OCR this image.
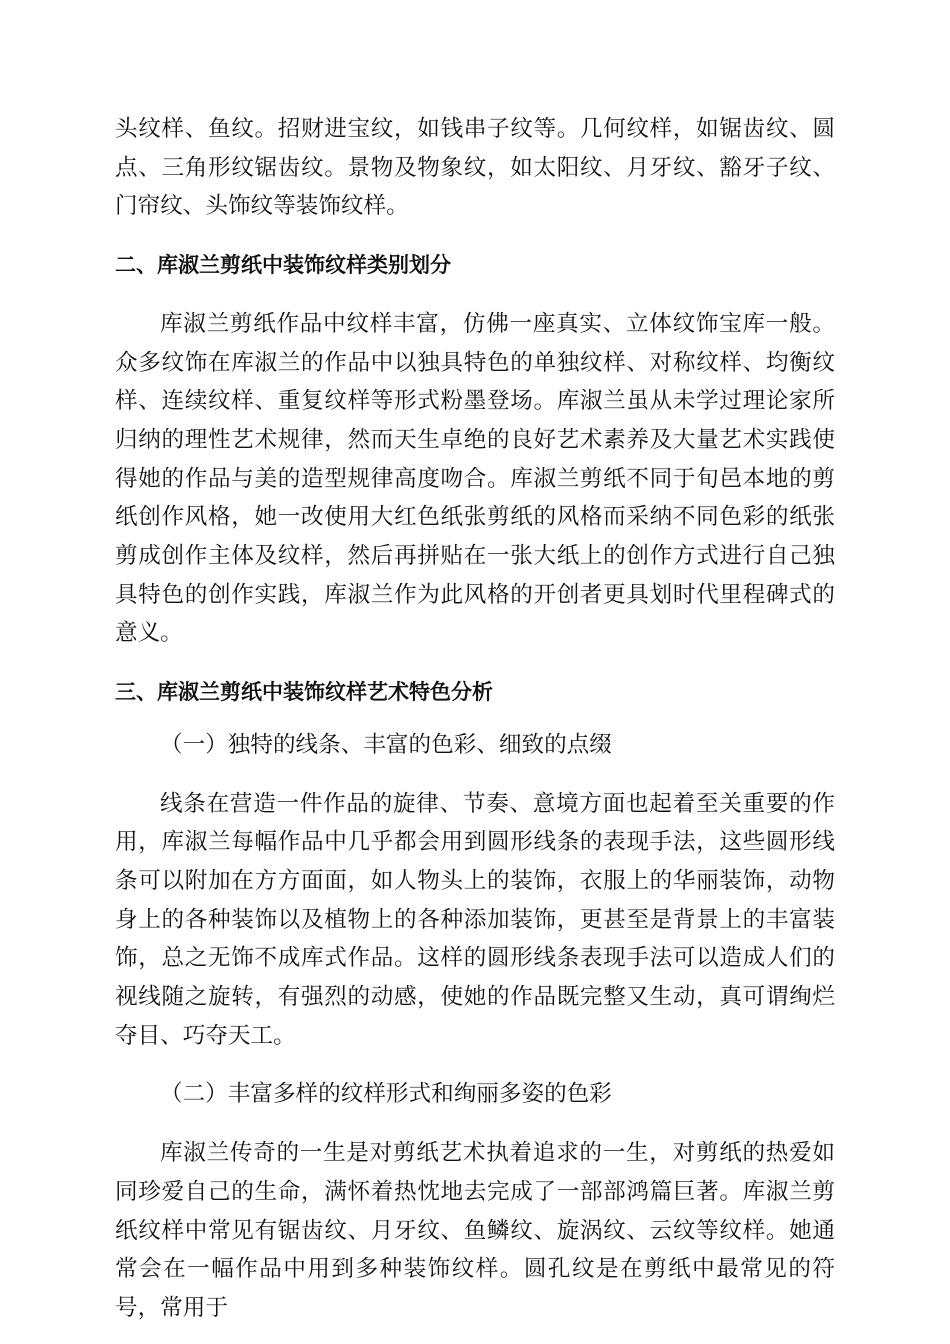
头纹样、鱼纹。招财进宝纹，如钱串子纹等。几何纹样，如锯齿纹、圆点、三角形纹锯齿纹。景物及物象纹，如太阳纹、月牙纹、豁牙子纹、门帘纹、头饰纹等装饰纹样。

二、库淑兰剪纸中装饰纹样类别划分

库淑兰剪纸作品中纹样丰富，仿佛一座真实、立体纹饰宝库一般。众多纹饰在库淑兰的作品中以独具特色的单独纹样、对称纹样、均衡纹样、连续纹样、重复纹样等形式粉墨登场。库淑兰虽从未学过理论家所归纳的理性艺术规律，然而天生卓绝的良好艺术素养及大量艺术实践使得她的作品与美的造型规律高度吻合。库淑兰剪纸不同于旬邑本地的剪纸创作风格，她一改使用大红色纸张剪纸的风格而采纳不同色彩的纸张剪成创作主体及纹样，然后再拼贴在一张大纸上的创作方式进行自己独具特色的创作实践，库淑兰作为此风格的开创者更具划时代里程碑式的意义。

三、库淑兰剪纸中装饰纹样艺术特色分析

（一）独特的线条、丰富的色彩、细致的点缀

线条在营造一件作品的旋律、节奏、意境方面也起着至关重要的作用，库淑兰每幅作品中几乎都会用到圆形线条的表现手法，这些圆形线条可以附加在方方面面，如人物头上的装饰，衣服上的华丽装饰，动物身上的各种装饰以及植物上的各种添加装饰，更甚至是背景上的丰富装饰，总之无饰不成库式作品。这样的圆形线条表现手法可以造成人们的视线随之旋转，有强烈的动感，使她的作品既完整又生动，真可谓绚烂夺目、巧夺天工。

（二）丰富多样的纹样形式和绚丽多姿的色彩

库淑兰传奇的一生是对剪纸艺术执着追求的一生，对剪纸的热爱如同珍爱自己的生命，满怀着热忱地去完成了一部部鸿篇巨著。库淑兰剪纸纹样中常见有锯齿纹、月牙纹、鱼鳞纹、旋涡纹、云纹等纹样。她通常会在一幅作品中用到多种装饰纹样。圆孔纹是在剪纸中最常见的符号，常用于
